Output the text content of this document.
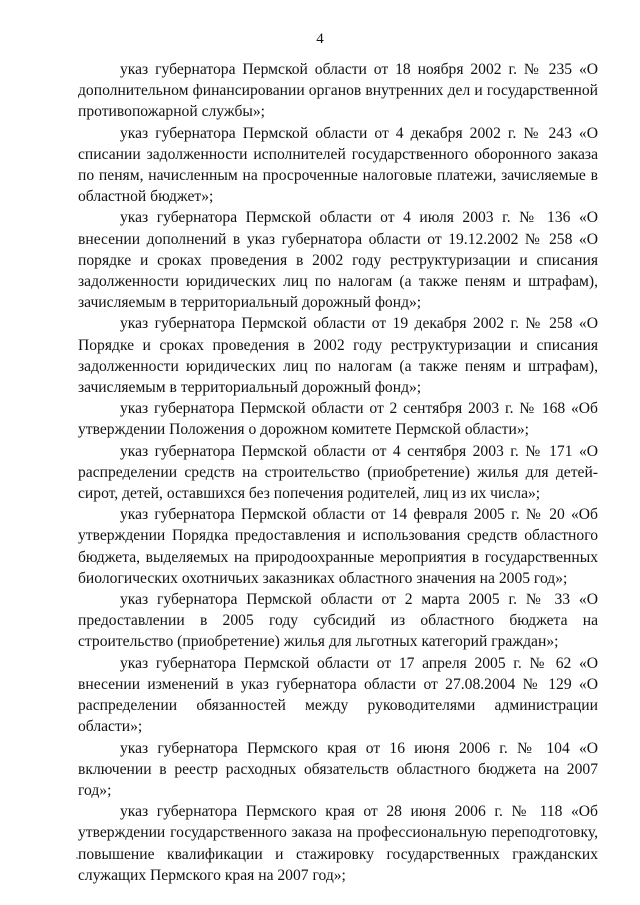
4

указ губернатора Пермской области от 18 ноября 2002 г. № 235 «О дополнительном финансировании органов внутренних дел и государственной противопожарной службы»;

указ губернатора Пермской области от 4 декабря 2002 г. № 243 «О списании задолженности исполнителей государственного оборонного заказа по пеням, начисленным на просроченные налоговые платежи, зачисляемые в областной бюджет»;

указ губернатора Пермской области от 4 июля 2003 г. № 136 «О внесении дополнений в указ губернатора области от 19.12.2002 № 258 «О порядке и сроках проведения в 2002 году реструктуризации и списания задолженности юридических лиц по налогам (а также пеням и штрафам), зачисляемым в территориальный дорожный фонд»;

указ губернатора Пермской области от 19 декабря 2002 г. № 258 «О Порядке и сроках проведения в 2002 году реструктуризации и списания задолженности юридических лиц по налогам (а также пеням и штрафам), зачисляемым в территориальный дорожный фонд»;

указ губернатора Пермской области от 2 сентября 2003 г. № 168 «Об утверждении Положения о дорожном комитете Пермской области»;

указ губернатора Пермской области от 4 сентября 2003 г. № 171 «О распределении средств на строительство (приобретение) жилья для детей-сирот, детей, оставшихся без попечения родителей, лиц из их числа»;

указ губернатора Пермской области от 14 февраля 2005 г. № 20 «Об утверждении Порядка предоставления и использования средств областного бюджета, выделяемых на природоохранные мероприятия в государственных биологических охотничьих заказниках областного значения на 2005 год»;

указ губернатора Пермской области от 2 марта 2005 г. № 33 «О предоставлении в 2005 году субсидий из областного бюджета на строительство (приобретение) жилья для льготных категорий граждан»;

указ губернатора Пермской области от 17 апреля 2005 г. № 62 «О внесении изменений в указ губернатора области от 27.08.2004 № 129 «О распределении обязанностей между руководителями администрации области»;

указ губернатора Пермского края от 16 июня 2006 г. № 104 «О включении в реестр расходных обязательств областного бюджета на 2007 год»;

указ губернатора Пермского края от 28 июня 2006 г. № 118 «Об утверждении государственного заказа на профессиональную переподготовку, повышение квалификации и стажировку государственных гражданских служащих Пермского края на 2007 год»;
